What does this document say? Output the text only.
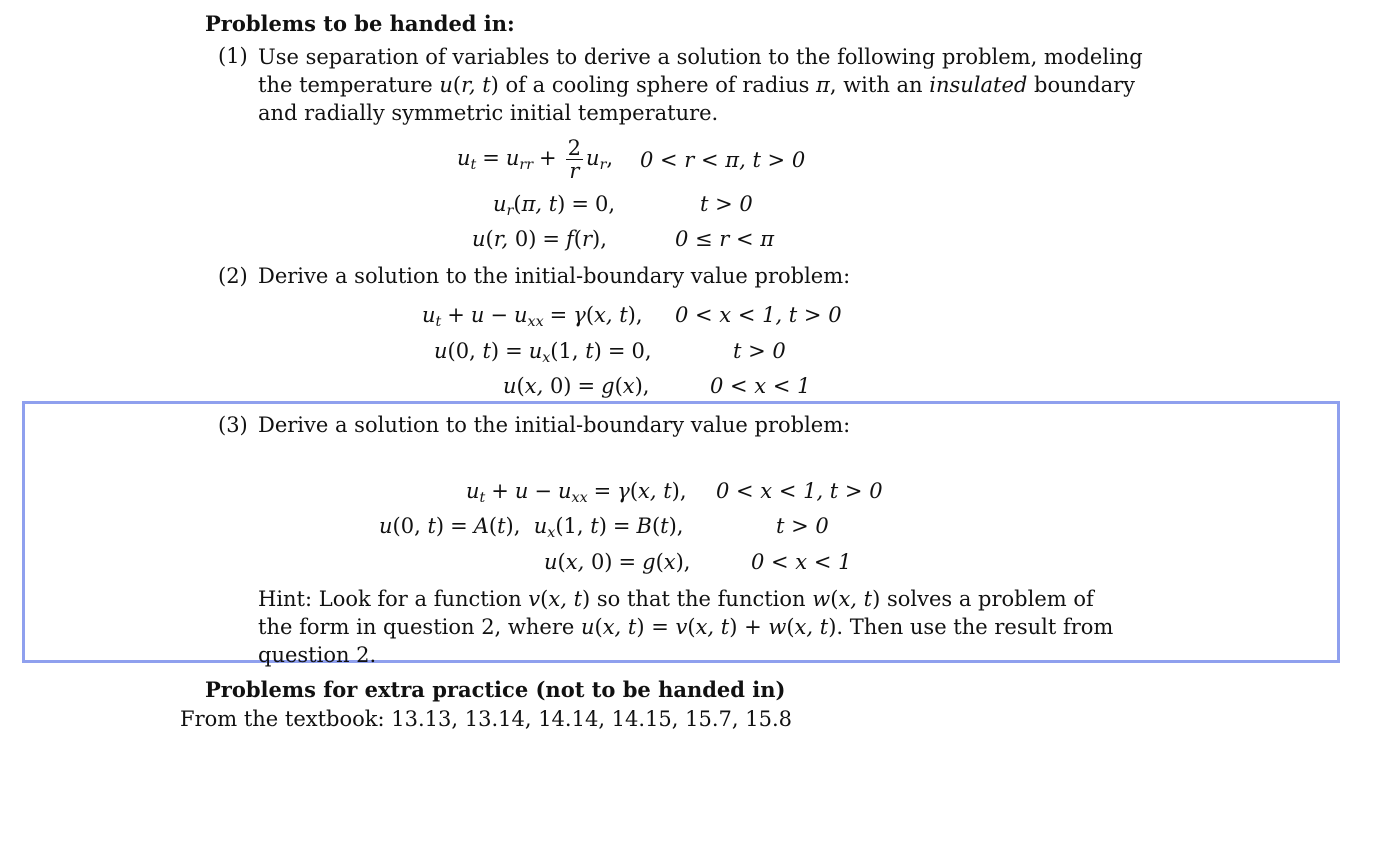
Problems to be handed in:
(1) Use separation of variables to derive a solution to the following problem, modeling
the temperature u(r, t) of a cooling sphere of radius π, with an insulated boundary
and radially symmetric initial temperature.
$u_t = u_{rr} + \frac{2}{r} u_r$, 0 < r < π, t > 0
$u_r(\pi$, t) = 0,	t > 0
u(r, 0) = f(r),	0 ≤ r < π
(2) Derive a solution to the initial-boundary value problem:
$u_t + u - u_{xx} = \gamma(x$, t), 0 < x < 1, t > 0
u(0, $t) = u_x(1$, t) = 0,	t > 0
u(x, 0) = g(x),	0 < x < 1
(3) Derive a solution to the initial-boundary value problem:
$u_t + u - u_{xx} = \gamma(x$, t), 0 < x < 1, t > 0
u(0, t) = A(t),  $u_x(1$, t) = B(t),	t > 0
u(x, 0) = g(x),	0 < x < 1
Hint: Look for a function v(x, t) so that the function w(x, t) solves a problem of
the form in question 2, where u(x, t) = v(x, t) + w(x, t). Then use the result from
question 2.
Problems for extra practice (not to be handed in)
From the textbook: 13.13, 13.14, 14.14, 14.15, 15.7, 15.8
